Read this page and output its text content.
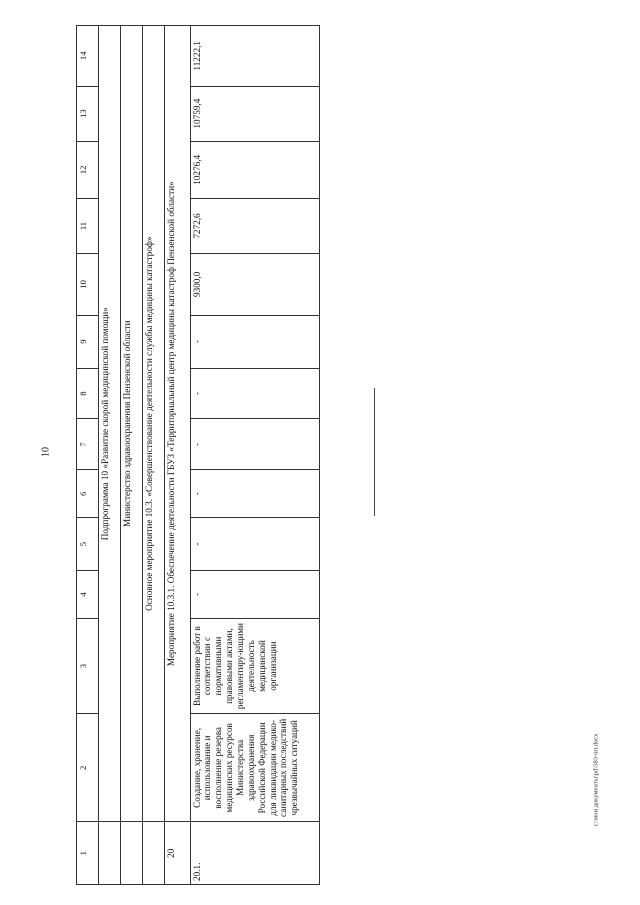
10
c:\мои документы\рd\583-пп.docx
1	2	3	4	5	6	7	8	9	10	11	12	13	14
	Подпрограмма 10 «Развитие скорой медицинской помощи»												
	Министерство здравоохранения Пензенской области												
	Основное мероприятие 10.3. «Совершенствование деятельности службы медицины катастроф»												
20	Мероприятие 10.3.1. Обеспечение деятельности ГБУЗ «Территориальный центр медицины катастроф Пензенской области»												
20.1.	Создание, хранение, использование и восполнение резерва медицинских ресурсов Министерства здравоохранения Российской Федерации для ликвидации медико-санитарных последствий чрезвычайных ситуаций	Выполнение работ в соответствии с нормативными правовыми актами, регламентиру-ющими деятельность медицинской организации	-	-	-	-	-	-	9300,0	7272,6	10276,4	10759,4	11222,1
